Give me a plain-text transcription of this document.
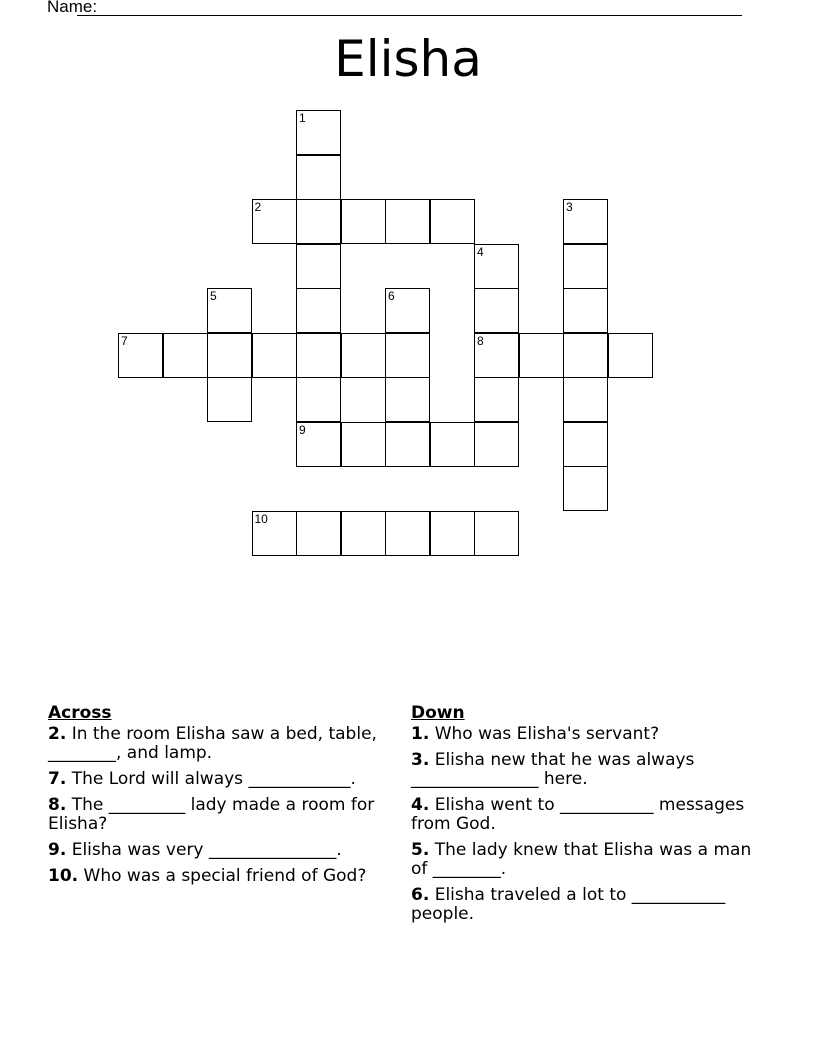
Name:
Elisha
1
9
2	3
4
8
5	6
7
10
Across
2. In the room Elisha saw a bed, table, ________, and lamp.
7. The Lord will always ____________.
8. The _________ lady made a room for Elisha?
9. Elisha was very _______________.
10. Who was a special friend of God?
Down
1. Who was Elisha's servant?
3. Elisha new that he was always _______________ here.
4. Elisha went to ___________ messages from God.
5. The lady knew that Elisha was a man of ________.
6. Elisha traveled a lot to ___________ people.
